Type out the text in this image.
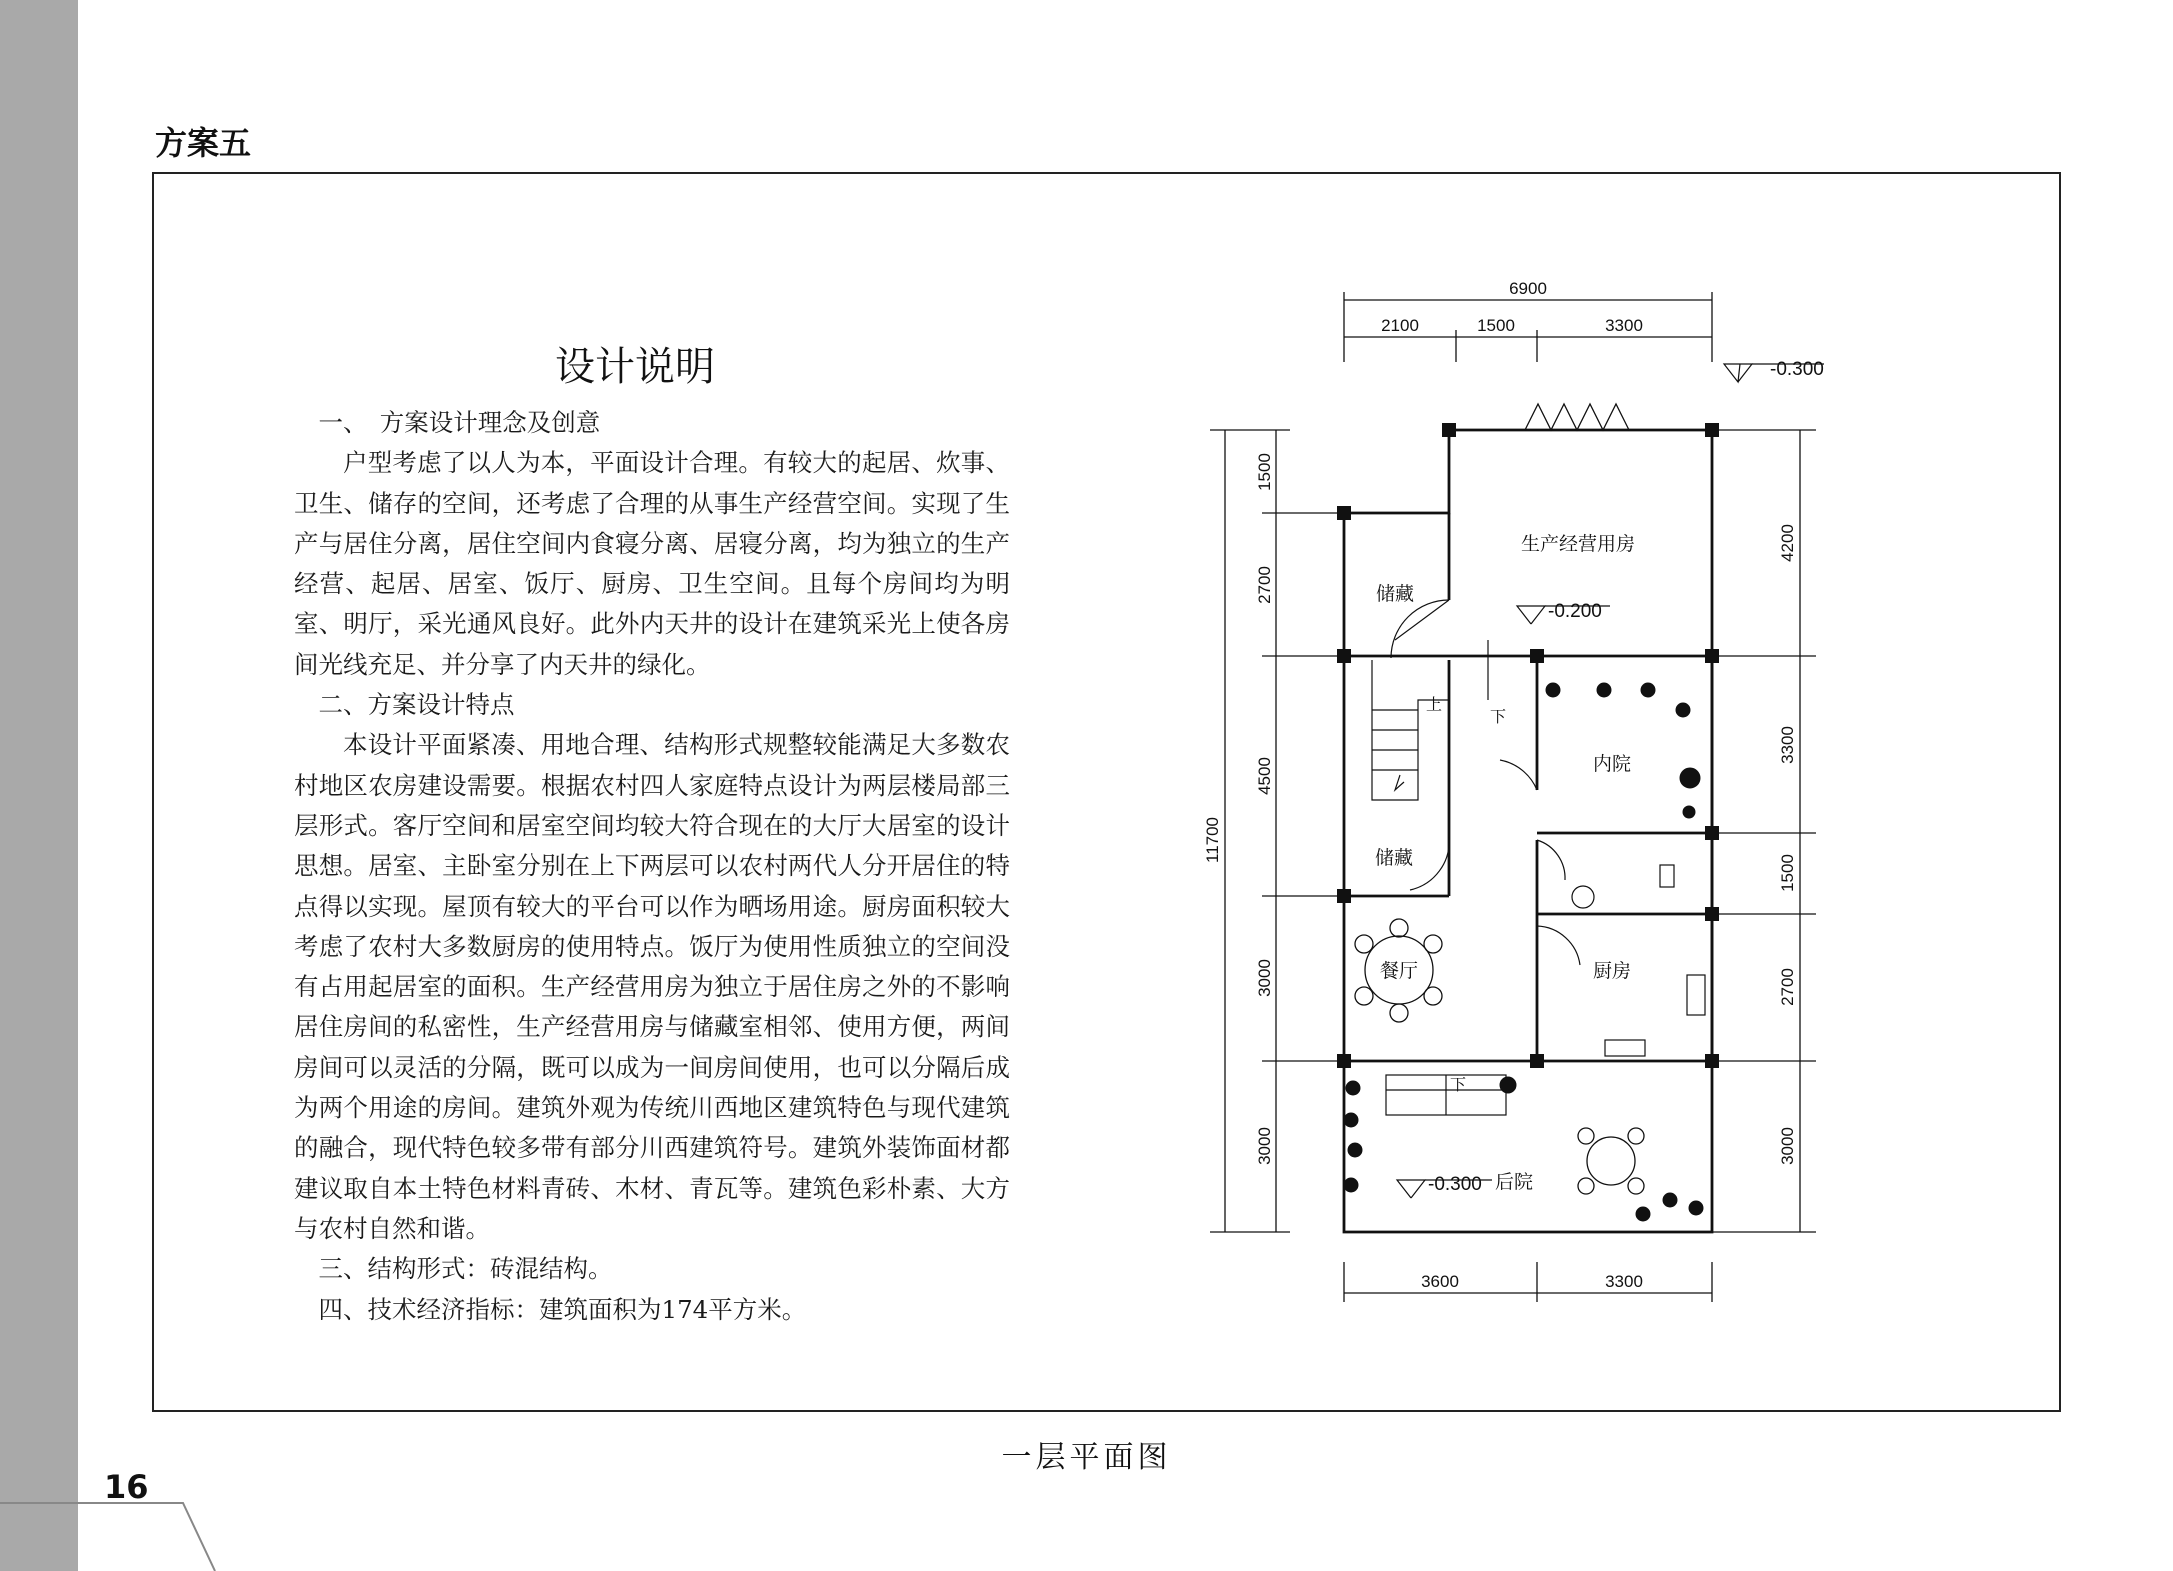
16
方案五
设计说明

一、　方案设计理念及创意

户型考虑了以人为本，平面设计合理。有较大的起居、炊事、卫生、储存的空间，还考虑了合理的从事生产经营空间。实现了生产与居住分离，居住空间内食寝分离、居寝分离，均为独立的生产经营、起居、居室、饭厅、厨房、卫生空间。且每个房间均为明室、明厅，采光通风良好。此外内天井的设计在建筑采光上使各房间光线充足、并分享了内天井的绿化。

二、方案设计特点

本设计平面紧凑、用地合理、结构形式规整较能满足大多数农村地区农房建设需要。根据农村四人家庭特点设计为两层楼局部三层形式。客厅空间和居室空间均较大符合现在的大厅大居室的设计思想。居室、主卧室分别在上下两层可以农村两代人分开居住的特点得以实现。屋顶有较大的平台可以作为晒场用途。厨房面积较大考虑了农村大多数厨房的使用特点。饭厅为使用性质独立的空间没有占用起居室的面积。生产经营用房为独立于居住房之外的不影响居住房间的私密性，生产经营用房与储藏室相邻、使用方便，两间房间可以灵活的分隔，既可以成为一间房间使用，也可以分隔后成为两个用途的房间。建筑外观为传统川西地区建筑特色与现代建筑的融合，现代特色较多带有部分川西建筑符号。建筑外装饰面材都建议取自本土特色材料青砖、木材、青瓦等。建筑色彩朴素、大方与农村自然和谐。

三、结构形式：砖混结构。

四、技术经济指标：建筑面积为174平方米。

6900
2100	1500	3300
3600	3300
11700
1500
2700
4500
3000
3000
4200
3300
1500
2700
3000
-0.300
-0.200
-0.300
储藏
生产经营用房
储藏
内院
餐厅	厨房
后院
上
下
下
一层平面图
